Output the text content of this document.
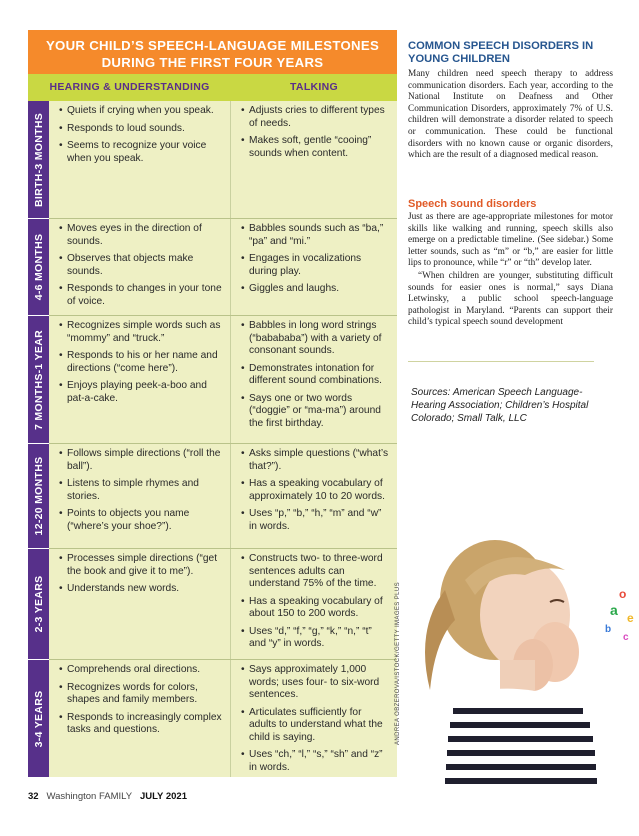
YOUR CHILD’S SPEECH-LANGUAGE MILESTONES
DURING THE FIRST FOUR YEARS
HEARING & UNDERSTANDING	TALKING
BIRTH-3 MONTHS
• Quiets if crying when you speak.
• Responds to loud sounds.
• Seems to recognize your voice when you speak.
• Adjusts cries to different types of needs.
• Makes soft, gentle “cooing” sounds when content.
4-6 MONTHS
• Moves eyes in the direction of sounds.
• Observes that objects make sounds.
• Responds to changes in your tone of voice.
• Babbles sounds such as “ba,” “pa” and “mi.”
• Engages in vocalizations during play.
• Giggles and laughs.
7 MONTHS-1 YEAR
• Recognizes simple words such as “mommy” and “truck.”
• Responds to his or her name and directions (“come here”).
• Enjoys playing peek-a-boo and pat-a-cake.
• Babbles in long word strings (“babababa”) with a variety of consonant sounds.
• Demonstrates intonation for different sound combinations.
• Says one or two words (“doggie” or “ma-ma”) around the first birthday.
12-20 MONTHS
• Follows simple directions (“roll the ball”).
• Listens to simple rhymes and stories.
• Points to objects you name (“where’s your shoe?”).
• Asks simple questions (“what’s that?”).
• Has a speaking vocabulary of approximately 10 to 20 words.
• Uses “p,” “b,” “h,” “m” and “w” in words.
2-3 YEARS
• Processes simple directions (“get the book and give it to me”).
• Understands new words.
• Constructs two- to three-word sentences adults can understand 75% of the time.
• Has a speaking vocabulary of about 150 to 200 words.
• Uses “d,” “f,” “g,” “k,” “n,” “t” and “y” in words.
3-4 YEARS
• Comprehends oral directions.
• Recognizes words for colors, shapes and family members.
• Responds to increasingly complex tasks and questions.
• Says approximately 1,000 words; uses four- to six-word sentences.
• Articulates sufficiently for adults to understand what the child is saying.
• Uses “ch,” “l,” “s,” “sh” and “z” in words.
COMMON SPEECH DISORDERS IN YOUNG CHILDREN
Many children need speech therapy to address communication disorders. Each year, according to the National Institute on Deafness and Other Communication Disorders, approximately 7% of U.S. children will demonstrate a disorder related to speech or communication. These could be functional disorders with no known cause or organic disorders, which are the result of a diagnosed medical reason.
Speech sound disorders
Just as there are age-appropriate milestones for motor skills like walking and running, speech skills also emerge on a predictable timeline. (See sidebar.) Some letter sounds, such as “m” or “b,” are easier for little lips to pronounce, while “r” or “th” develop later.
“When children are younger, substituting difficult sounds for easier ones is normal,” says Diana Letwinsky, a public school speech-language pathologist in Maryland. “Parents can support their child’s typical speech sound development
Sources: American Speech Language-Hearing Association; Children’s Hospital Colorado; Small Talk, LLC
a
o
e
b
c
ANDREA OBZEROVA/ISTOCK/GETTY IMAGES PLUS
32 Washington FAMILY JULY 2021
